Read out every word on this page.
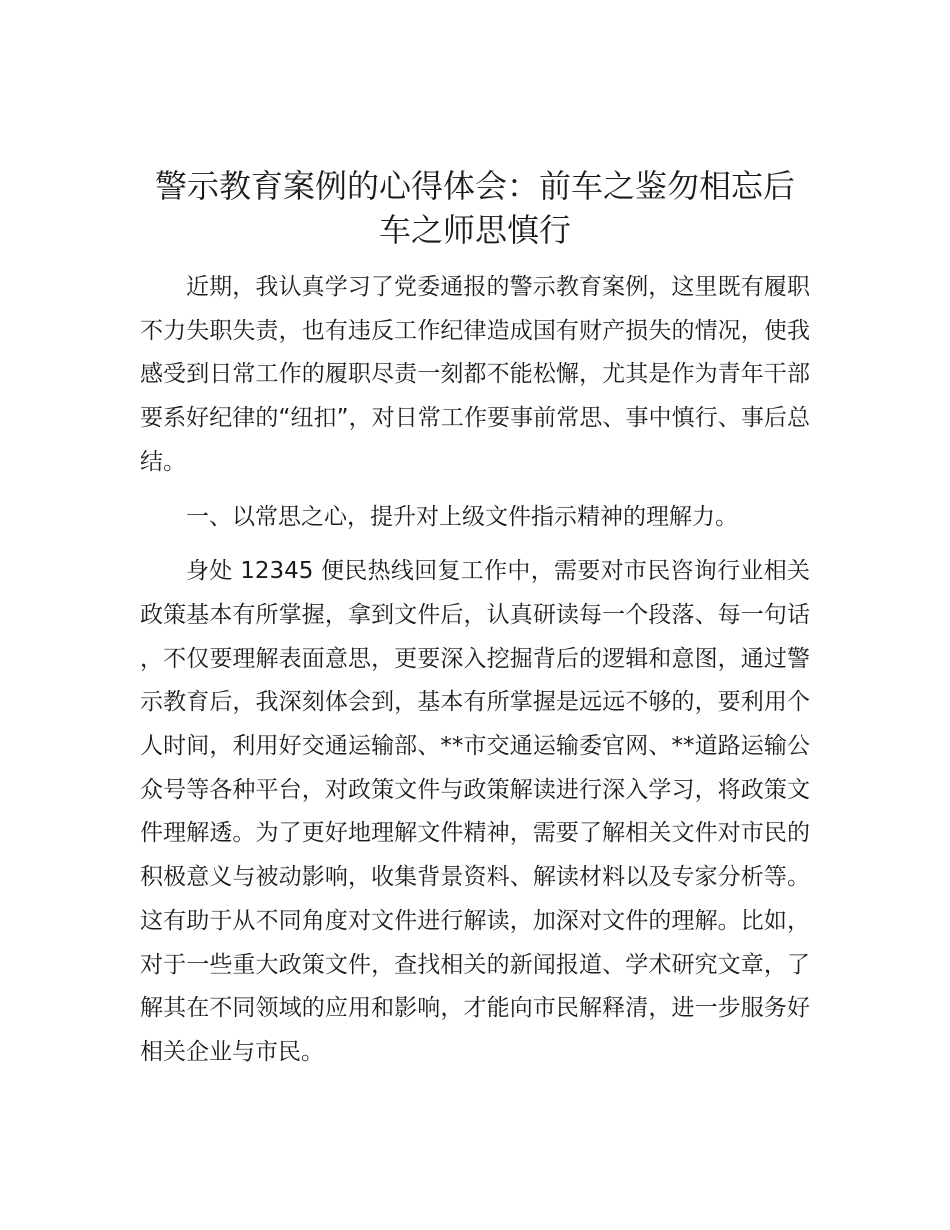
警示教育案例的心得体会：前车之鉴勿相忘后
车之师思慎行

近期，我认真学习了党委通报的警示教育案例，这里既有履职不力失职失责，也有违反工作纪律造成国有财产损失的情况，使我感受到日常工作的履职尽责一刻都不能松懈，尤其是作为青年干部要系好纪律的“纽扣”，对日常工作要事前常思、事中慎行、事后总结。

一、以常思之心，提升对上级文件指示精神的理解力。

身处 12345 便民热线回复工作中，需要对市民咨询行业相关政策基本有所掌握，拿到文件后，认真研读每一个段落、每一句话，不仅要理解表面意思，更要深入挖掘背后的逻辑和意图，通过警示教育后，我深刻体会到，基本有所掌握是远远不够的，要利用个人时间，利用好交通运输部、**市交通运输委官网、**道路运输公众号等各种平台，对政策文件与政策解读进行深入学习，将政策文件理解透。为了更好地理解文件精神，需要了解相关文件对市民的积极意义与被动影响，收集背景资料、解读材料以及专家分析等。这有助于从不同角度对文件进行解读，加深对文件的理解。比如，对于一些重大政策文件，查找相关的新闻报道、学术研究文章，了解其在不同领域的应用和影响，才能向市民解释清，进一步服务好相关企业与市民。
